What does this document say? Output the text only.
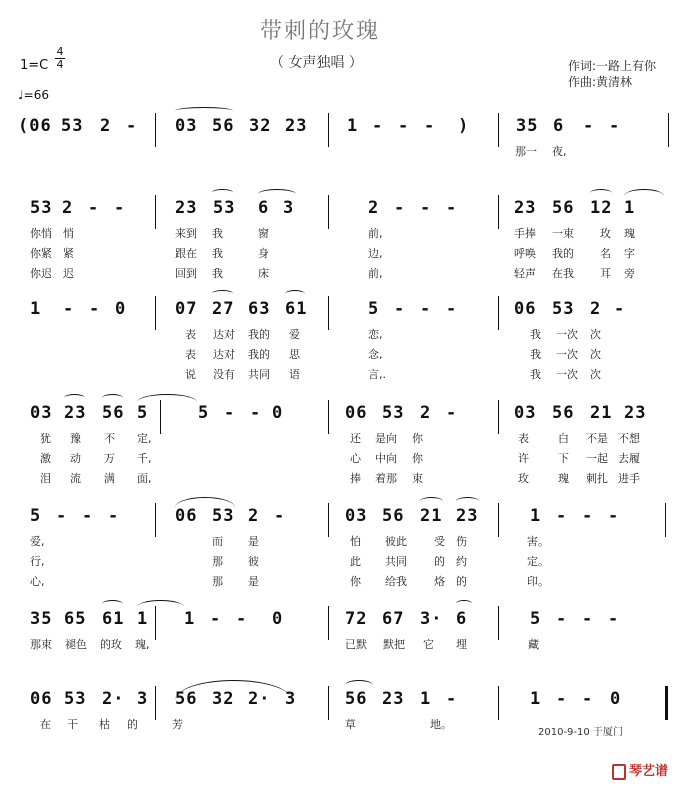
带刺的玫瑰
（ 女声独唱 ）
1=C
4
4
♩=66
作词:一路上有你
作曲:黄清林
(06 53 2 - 03 56 32 23 1 - - - )	35 6 - -
那一 夜,
53 2 - -	23 53 6 3	2 - - -	23 56 12 1
你悄 悄	来到 我	窗	前,	手捧 一束 玫 瑰
你紧 紧	跟在 我	身	边,	呼唤 我的 名 字
你迟 迟	回到 我	床	前,	轻声 在我 耳 旁
1 - - 0	07 27 63 61	5 - - -	06 53 2 -
表 达对 我的 爱	恋,	我 一次 次
表 达对 我的 思	念,	我 一次 次
说 没有 共同 语	言,.	我 一次 次
03 23 56 5	5 - - 0	06 53 2 -	03 56 21 23
犹 豫 不 定,	还 是向 你	表	白 不是 不想
激 动 万 千,	心 中向 你	许	下 一起 去履
泪 流 满 面,	捧 着那 束	玫	瑰 刺扎 进手
5 - - -	06 53 2 -	03 56 21 23	1 - - -
爱,	而 是	怕 彼此 受 伤	害。
行,	那 彼	此 共同 的 约	定。
心,	那 是	你 给我 烙 的	印。
35 65 61 1 1 - - 0	72 67 3· 6	5 - - -
那束 褪色 的玫 瑰,	已默 默把 它 埋	藏
06 53 2· 3 56 32 2· 3	56 23 1 -	1 - - 0
在 干 枯 的	芳	草	地。
2010-9-10 于厦门
琴艺谱
